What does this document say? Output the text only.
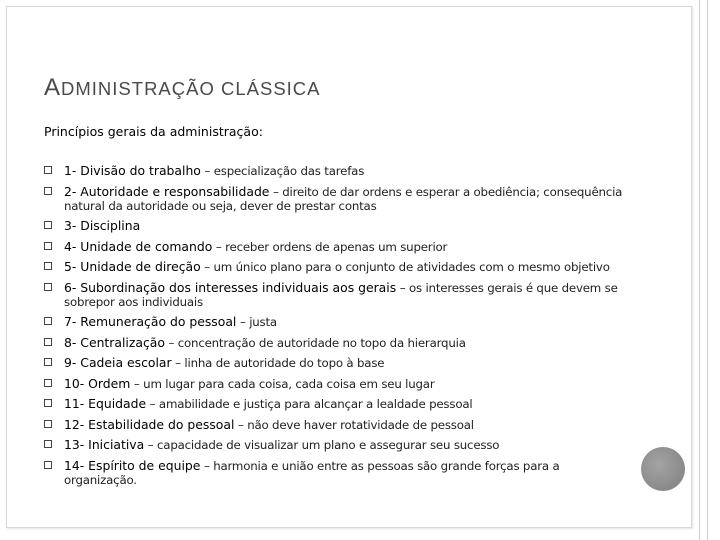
ADMINISTRAÇÃO CLÁSSICA

Princípios gerais da administração:

1- Divisão do trabalho – especialização das tarefas
2- Autoridade e responsabilidade – direito de dar ordens e esperar a obediência; consequência natural da autoridade ou seja, dever de prestar contas
3- Disciplina
4- Unidade de comando – receber ordens de apenas um superior
5- Unidade de direção – um único plano para o conjunto de atividades com o mesmo objetivo
6- Subordinação dos interesses individuais aos gerais – os interesses gerais é que devem se sobrepor aos individuais
7- Remuneração do pessoal – justa
8- Centralização – concentração de autoridade no topo da hierarquia
9- Cadeia escolar – linha de autoridade do topo à base
10- Ordem – um lugar para cada coisa, cada coisa em seu lugar
11- Equidade – amabilidade e justiça para alcançar a lealdade pessoal
12- Estabilidade do pessoal – não deve haver rotatividade de pessoal
13- Iniciativa – capacidade de visualizar um plano e assegurar seu sucesso
14- Espírito de equipe – harmonia e união entre as pessoas são grande forças para a organização.
